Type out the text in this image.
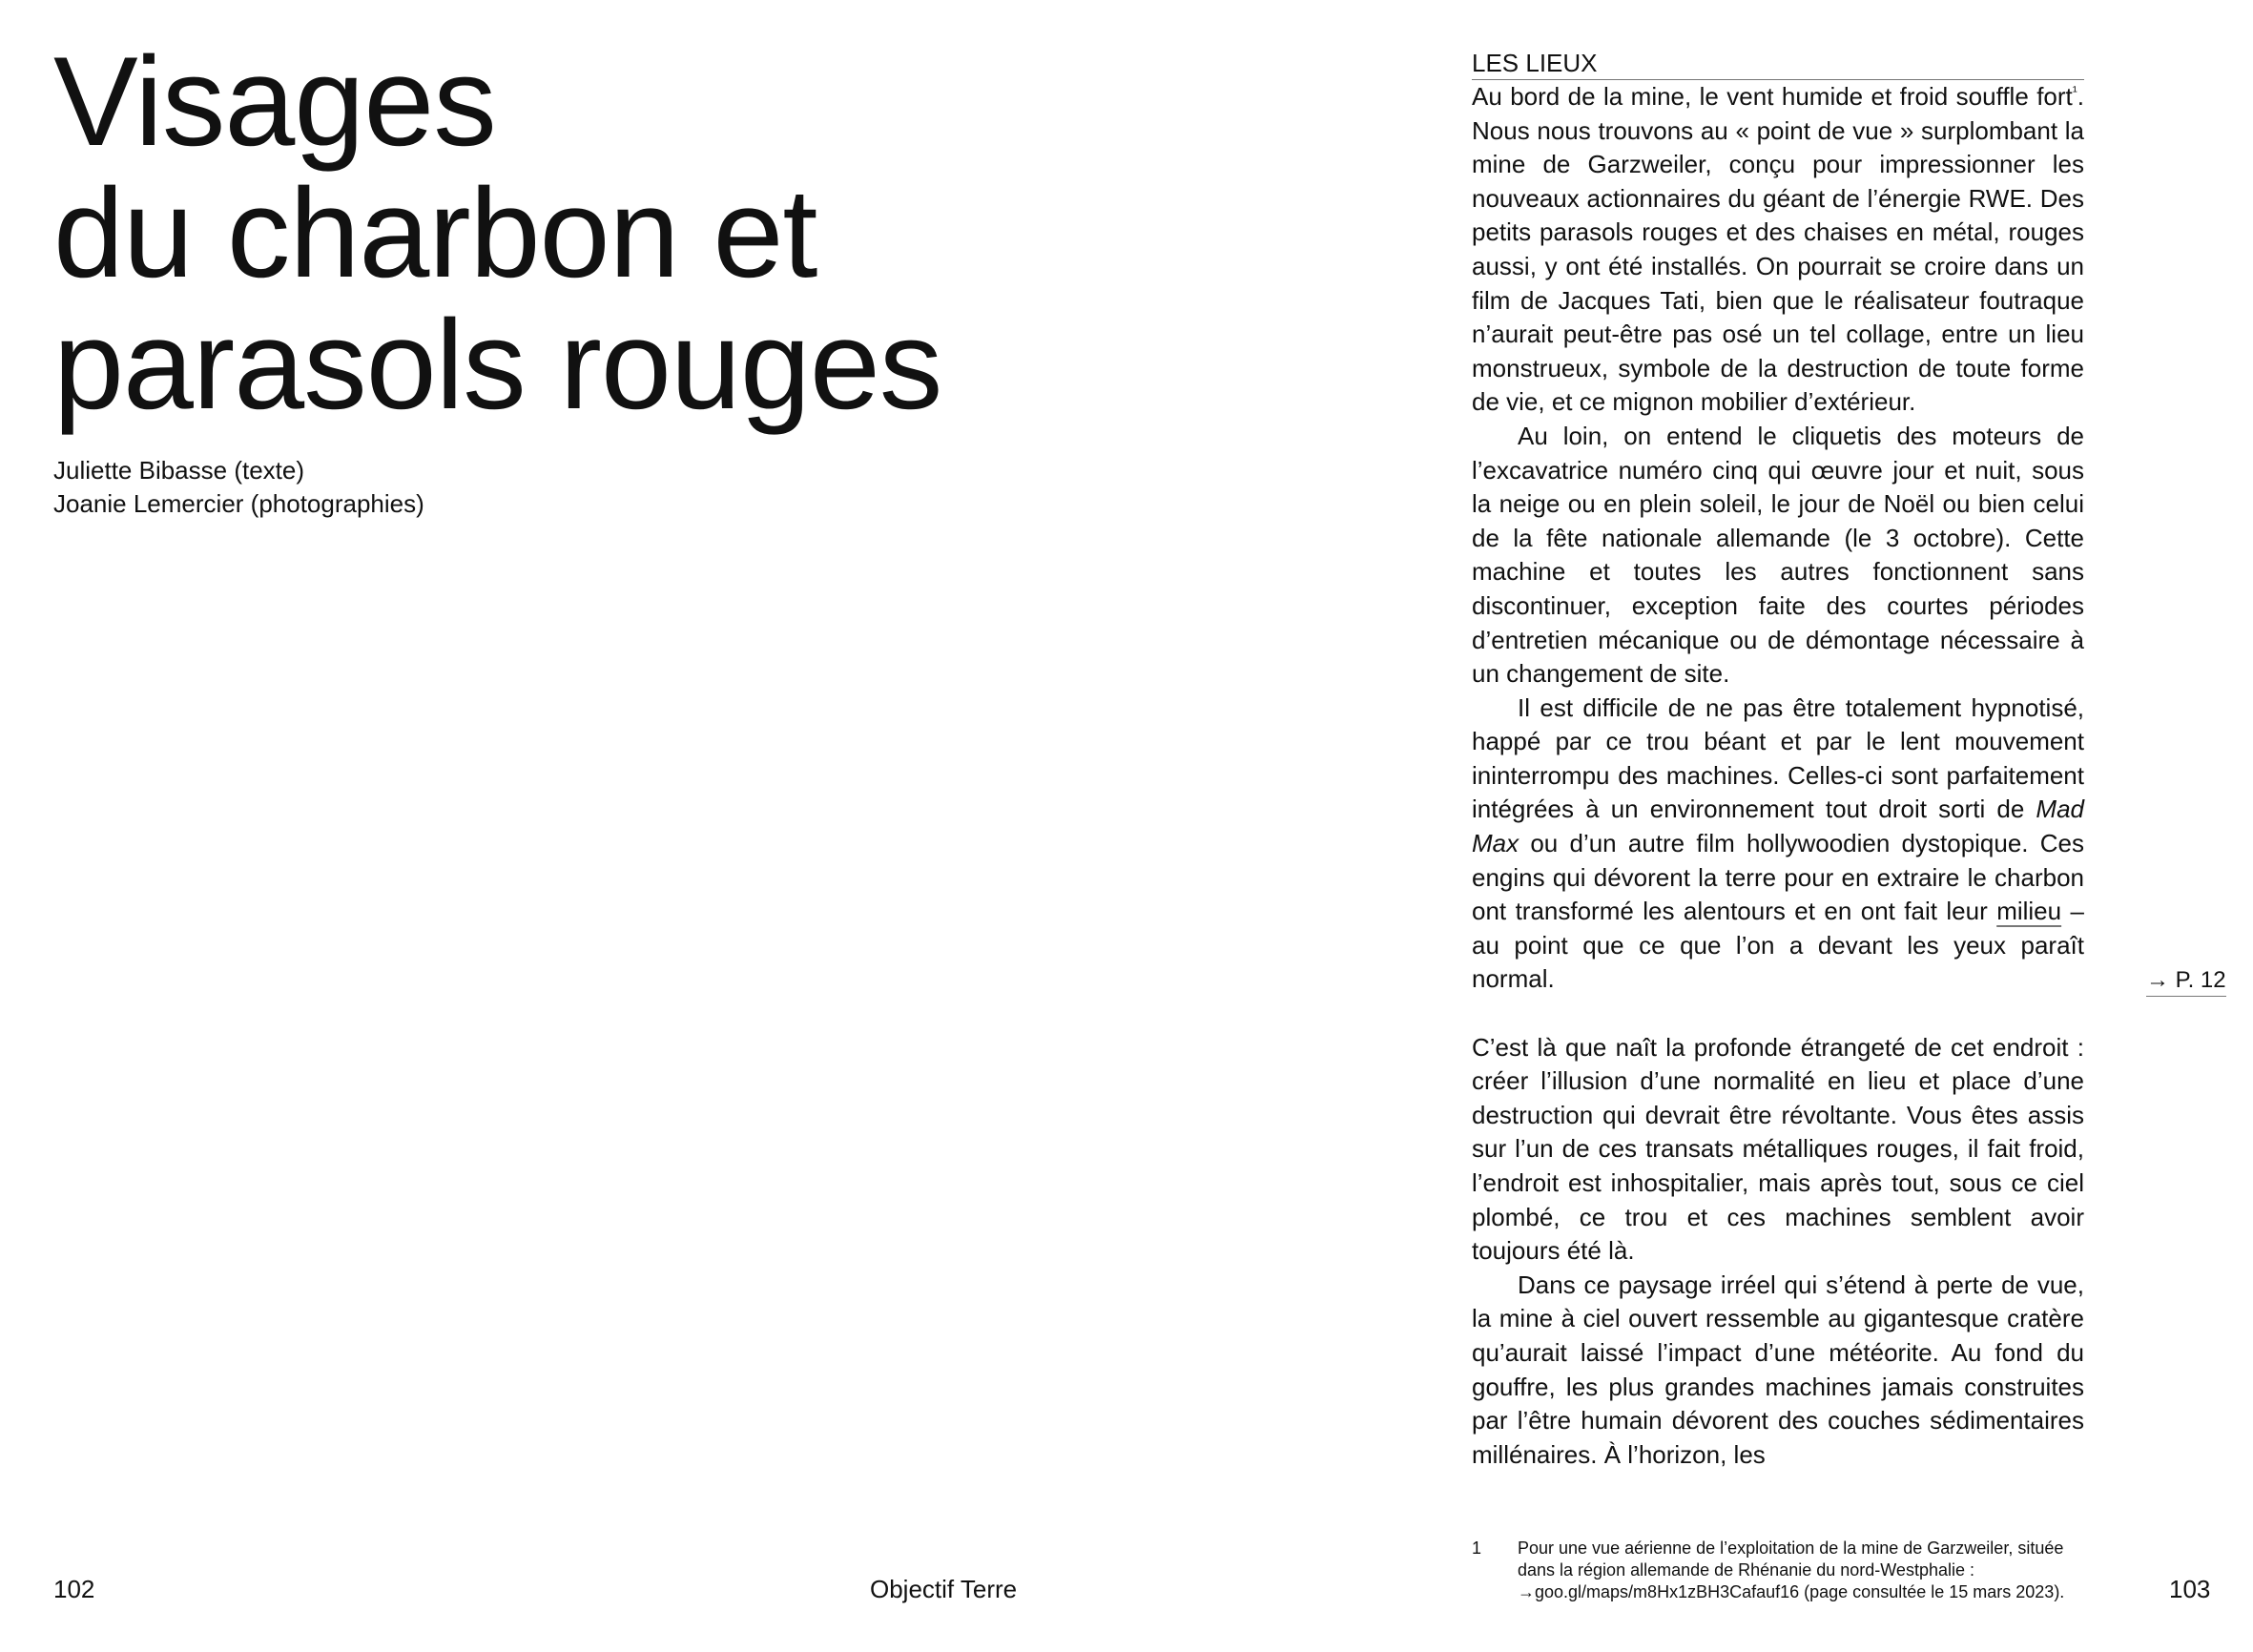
Visages
du charbon et
parasols rouges
Juliette Bibasse (texte)
Joanie Lemercier (photographies)
102	Objectif Terre
LES LIEUX

Au bord de la mine, le vent humide et froid souffle fort$^{^1}$. Nous nous trouvons au « point de vue » surplombant la mine de Garzweiler, conçu pour impressionner les nouveaux actionnaires du géant de l’énergie RWE. Des petits parasols rouges et des chaises en métal, rouges aussi, y ont été installés. On pourrait se croire dans un film de Jacques Tati, bien que le réalisateur foutraque n’aurait peut-être pas osé un tel collage, entre un lieu monstrueux, symbole de la destruction de toute forme de vie, et ce mignon mobilier d’extérieur.

Au loin, on entend le cliquetis des moteurs de l’excavatrice numéro cinq qui œuvre jour et nuit, sous la neige ou en plein soleil, le jour de Noël ou bien celui de la fête nationale allemande (le 3 octobre). Cette machine et toutes les autres fonctionnent sans discontinuer, exception faite des courtes périodes d’entretien mécanique ou de démontage nécessaire à un changement de site.

Il est difficile de ne pas être totalement hypnotisé, happé par ce trou béant et par le lent mouvement ininterrompu des machines. Celles-ci sont parfaitement intégrées à un environnement tout droit sorti de Mad Max ou d’un autre film hollywoodien dystopique. Ces engins qui dévorent la terre pour en extraire le charbon ont transformé les alentours et en ont fait leur milieu – au point que ce que l’on a devant les yeux paraît normal.

C’est là que naît la profonde étrangeté de cet endroit : créer l’illusion d’une normalité en lieu et place d’une destruction qui devrait être révoltante. Vous êtes assis sur l’un de ces transats métalliques rouges, il fait froid, l’endroit est inhospitalier, mais après tout, sous ce ciel plombé, ce trou et ces machines semblent avoir toujours été là.

Dans ce paysage irréel qui s’étend à perte de vue, la mine à ciel ouvert ressemble au gigantesque cratère qu’aurait laissé l’impact d’une météorite. Au fond du gouffre, les plus grandes machines jamais construites par l’être humain dévorent des couches sédimentaires millénaires. À l’horizon, les

→ P. 12
1 Pour une vue aérienne de l’exploitation de la mine de Garzweiler, située dans la région allemande de Rhénanie du nord-Westphalie : →goo.gl/maps/m8Hx1zBH3Cafauf16 (page consultée le 15 mars 2023).	103
